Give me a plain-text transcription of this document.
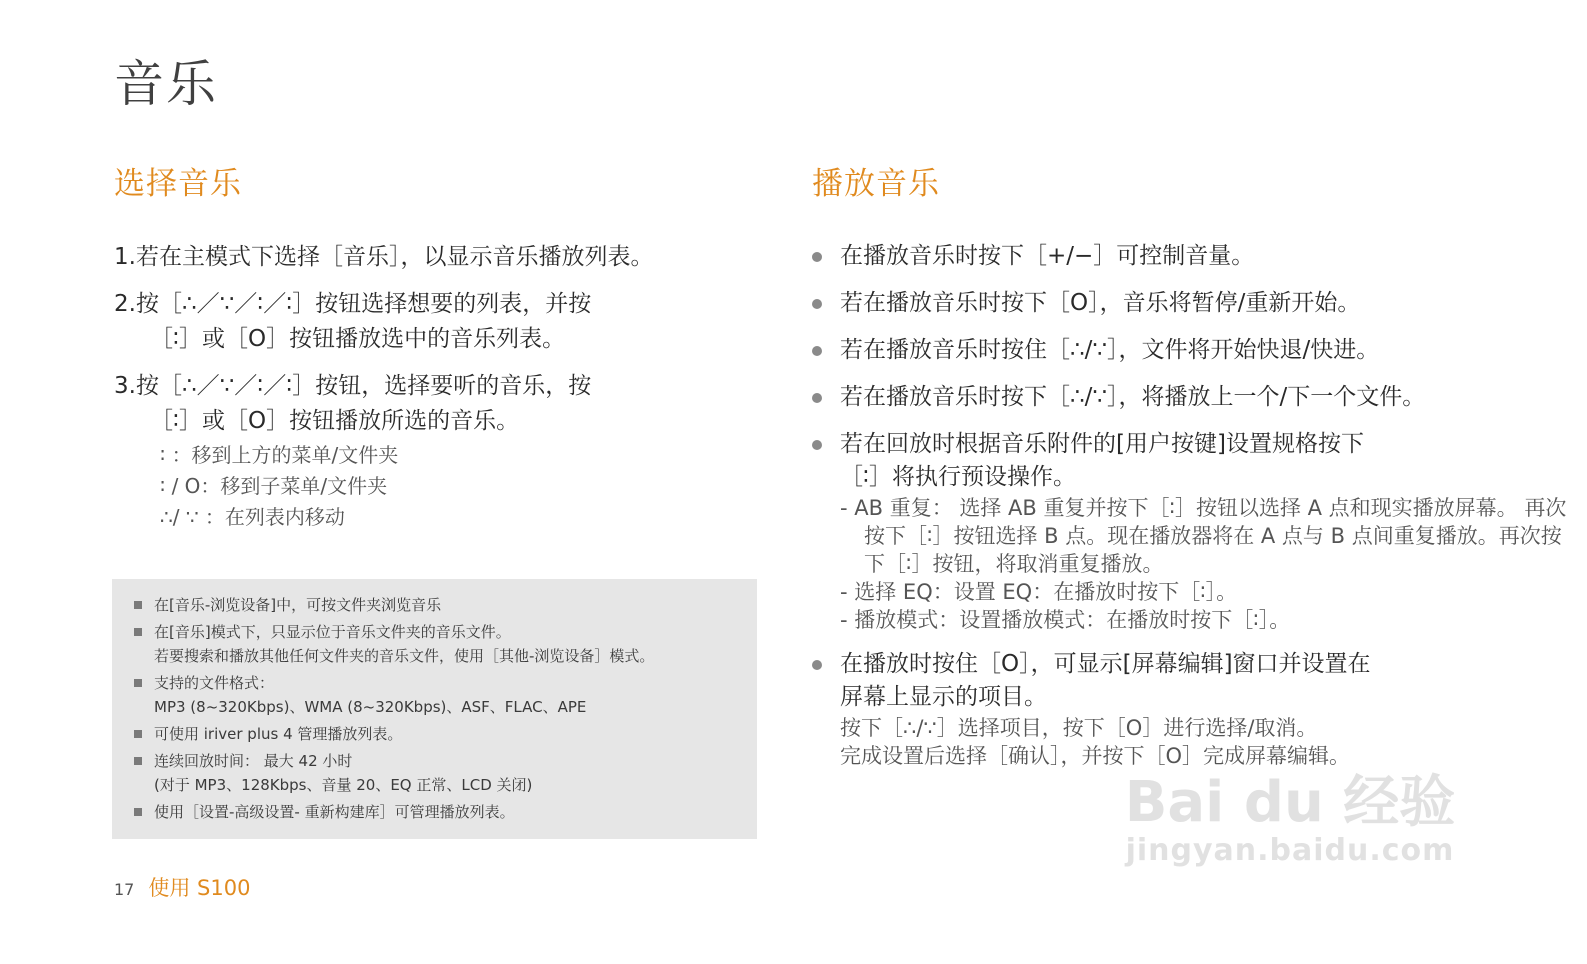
音乐
选择音乐	播放音乐
1.若在主模式下选择［音乐］，以显示音乐播放列表。
2.按［∴／∵／∶／∶］按钮选择想要的列表，并按
［∶］或［O］按钮播放选中的音乐列表。
3.按［∴／∵／∶／∶］按钮，选择要听的音乐，按
［∶］或［O］按钮播放所选的音乐。
∶ ：移到上方的菜单/文件夹
∶ / O：移到子菜单/文件夹
∴/ ∵ ：在列表内移动
在[音乐-浏览设备]中，可按文件夹浏览音乐
在[音乐]模式下，只显示位于音乐文件夹的音乐文件。
若要搜索和播放其他任何文件夹的音乐文件，使用［其他-浏览设备］模式。
支持的文件格式：
MP3 (8~320Kbps)、WMA (8~320Kbps)、ASF、FLAC、APE
可使用 iriver plus 4 管理播放列表。
连续回放时间： 最大 42 小时
(对于 MP3、128Kbps、音量 20、EQ 正常、LCD 关闭)
使用［设置-高级设置- 重新构建库］可管理播放列表。
在播放音乐时按下［+/−］可控制音量。
若在播放音乐时按下［O］，音乐将暂停/重新开始。
若在播放音乐时按住［∴/∵］，文件将开始快退/快进。
若在播放音乐时按下［∴/∵］，将播放上一个/下一个文件。
若在回放时根据音乐附件的[用户按键]设置规格按下
［∶］将执行预设操作。
- AB 重复： 选择 AB 重复并按下［∶］按钮以选择 A 点和现实播放屏幕。 再次按下［∶］按钮选择 B 点。现在播放器将在 A 点与 B 点间重复播放。再次按下［∶］按钮，将取消重复播放。
- 选择 EQ：设置 EQ：在播放时按下［∶］。
- 播放模式：设置播放模式：在播放时按下［∶］。
在播放时按住［O］，可显示[屏幕编辑]窗口并设置在
屏幕上显示的项目。
按下［∴/∵］选择项目，按下［O］进行选择/取消。
完成设置后选择［确认］，并按下［O］完成屏幕编辑。
17 使用 S100
Bai du 经验
jingyan.baidu.com
